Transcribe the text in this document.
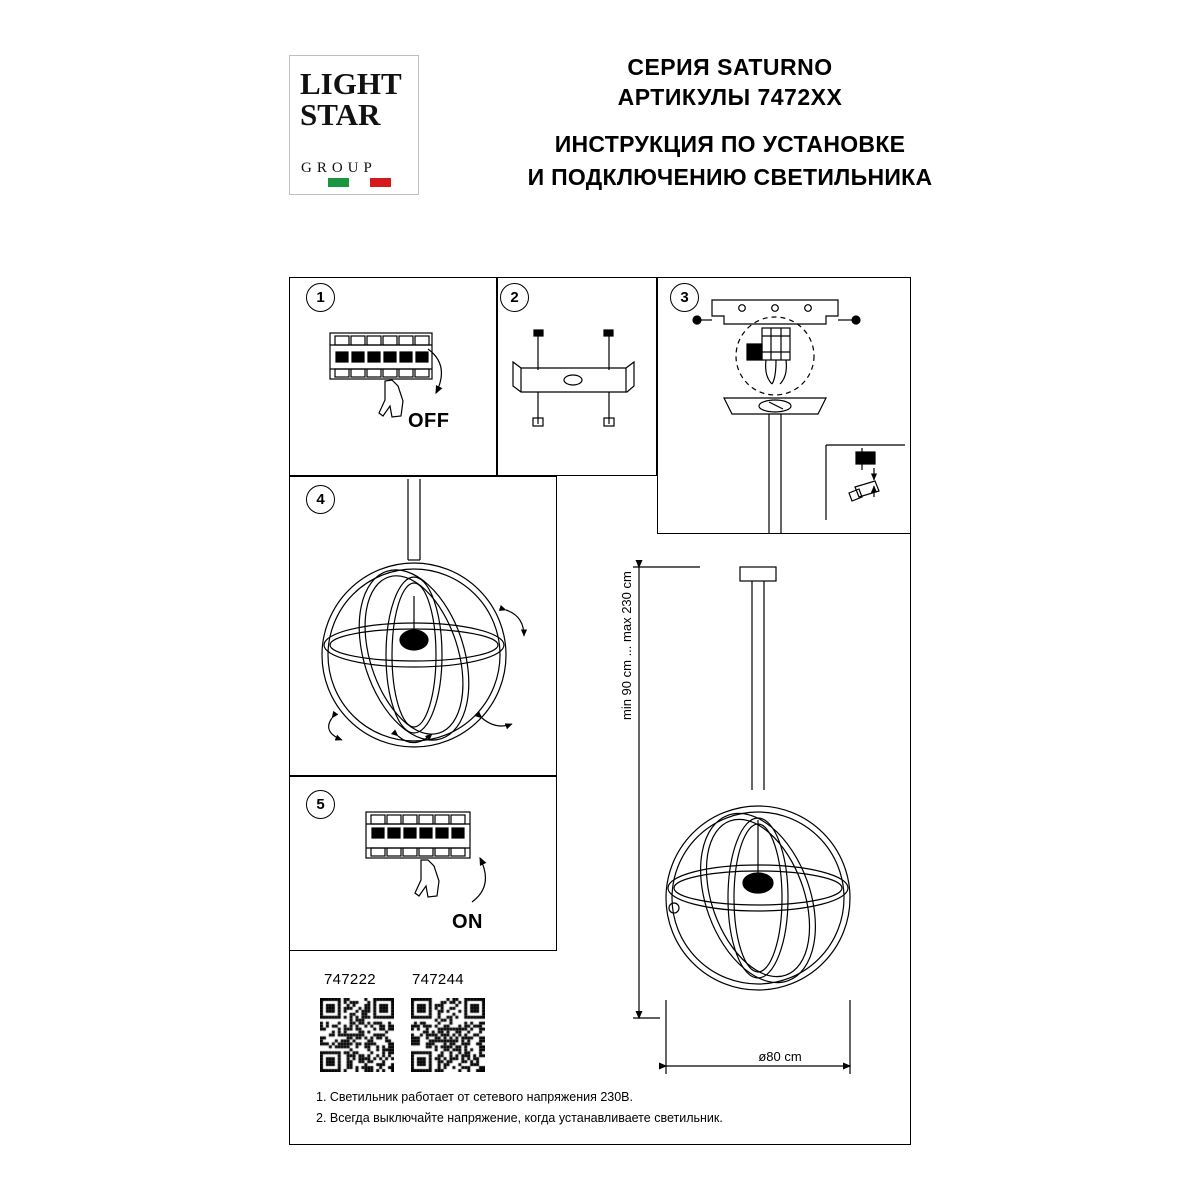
LIGHT
STAR
GROUP
СЕРИЯ SATURNO
АРТИКУЛЫ 7472XX
ИНСТРУКЦИЯ ПО УСТАНОВКЕ
И ПОДКЛЮЧЕНИЮ СВЕТИЛЬНИКА
1	2	3
4
5
OFF
ON
747222 747244
1. Светильник работает от сетевого напряжения 230В.
2. Всегда выключайте напряжение, когда устанавливаете светильник.
min 90 cm ... max 230 cm
ø80 cm
